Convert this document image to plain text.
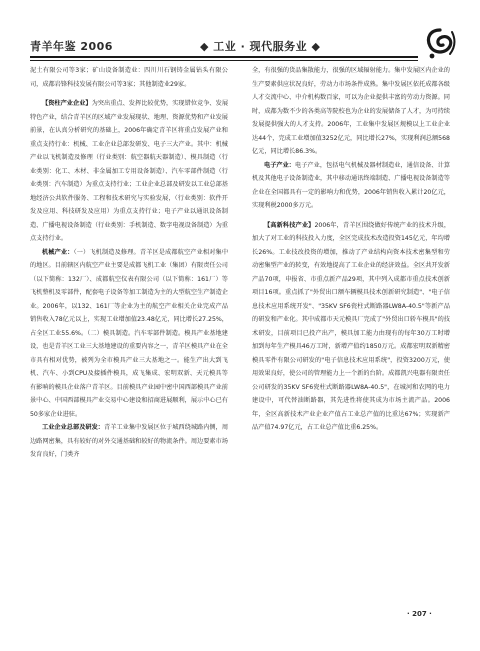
青羊年鉴 2006	◆ 工业 · 现代服务业 ◆

泥土有限公司等3家；矿山设备制造业：四川川石钢铸金属钻头有限公司，成都岩锋科技发展有限公司等3家；其他制造业29家。

【资柱产业企业】为突出重点、发挥比较优势，实现错位竞争、发展特色产业，结合青羊区的区域产业发展现状、地理、资源优势和产业发展前景，在认真分析研究的基础上，2006年确定青羊区将重点发展产业和重点支持行业：机械、工业企业总部发研发、电子三大产业。其中：机械产业以飞机制造及修理（行业类别：航空器航天器制造）、模具制造（行业类别：化工、木材、非金属加工专用设备制造）、汽车零部件制造（行业类别：汽车制造）为重点支持行业；工业企业总部及研发以工业总部基地经济公共软件服务、工程和技术研究与实验发展，（行业类别：软件开发及应用、科技研发及应用）为重点支持行业；电子产业以通讯设备制造、广播电视设备制造（行业类别：手机制造、数字电视设备制造）为重点支持行业。

机械产业：（一）飞机制造及修理。青羊区是成都航空产业相对集中的地区。目前辖区内航空产业主要是成都飞机工业（集团）有限责任公司（以下简称：132厂）、成都航空仪表有限公司（以下简称：161厂）等飞机整机及零部件，配套电子设备等加工制造为主的大型航空生产制造企业。2006年，以132、161厂等企业为主的航空产业相关企业完成产品销售收入78亿元以上，实现工业增加值23.48亿元，同比增长27.25%，占全区工业55.6%。（二）模具制造。汽车零部件制造。模具产业基地建设，也是青羊区工业三大基地建设的重要内容之一，青羊区模具产业在全市具有相对优势，被列为全市模具产业三大基地之一。能生产出大到飞机、汽车、小到CPU及接插件模具，成飞集成、宏明双新、天元模具等有影响的模具企业落户青羊区。目前模具产业园中密中国西部模具产业前景中心、中国西部模具产业交易中心建设和招商进展顺利，展示中心已有50多家企业进驻。

工业企业总部及研发：青羊工业集中发展区位于城西绕城路内侧，周边路网密集，具有较好的对外交通基础和较好的物流条件。周边要素市场发育良好，门类齐

全，有很强的货品集散能力，很强的区域辐射能力。集中发展区内企业的生产要素供应状况良好，劳动力市场条件成熟。集中发展区依托成都各级人才交流中心、中介机构数百家，可以为企业提供丰富的劳动力资源。同时，成都为数不少的各类高等院校也为企业的发展储备了人才，为可持续发展提供强大的人才支持。2006年，工业集中发展区规模以上工业企业达44个，完成工业增加值3252亿元，同比增长27%，实现利润总额568亿元，同比增长86.3%。

电子产业：电子产业，包括电气机械及器材制造业，通信设备、计算机及其他电子设备制造业，其中移动通讯终端制造、广播电视设备制造等企业在全国都具有一定的影响力和优势，2006年销售收入累计20亿元，实现利税2000多万元。

【高新科技产业】2006年，青羊区围绕做好传统产业的技术升级，加大了对工业的科技投入力度，全区完成技术改造投资145亿元，年均增长26%。工业技改投资的增加，推动了产业结构向资本技术密集型和劳动密集型产业的转变，有效地提高了工业企业的经济效益。全区共开发新产品70项，申报省、市重点新产品29项，其中列入成都市重点技术创新项目16项。重点抓了"外贸出口额车辆模具技术创新研究制造"、"电子信息技术应用系统开发"、"35KV SF6瓷柱式断路器LW8A-40.5"等新产品的研发和产业化。其中成都市天元模具厂完成了"外贸出口轿车模具"的技术研发，目前项目已投产出产，模具加工能力由现有的每年30万工时增加到每年生产模具46万工时，新增产值约1850万元。成都宏明双新精密模具零件有限公司研发的"电子信息技术应用系统"，投资3200万元，使用效果良好，使公司的管理能力上一个新的台阶。成都凯兴电器有限责任公司研发的35KV SF6瓷柱式断路器LW8A-40.5"，在城河和农网的电力建设中，可代替油断路器，其先进性将使其成为市场主流产品。2006年，全区高新技术产业企业产值占工业总产值的比重达67%；实现新产品产值74.97亿元，占工业总产值比重6.25%。

· 207 ·
